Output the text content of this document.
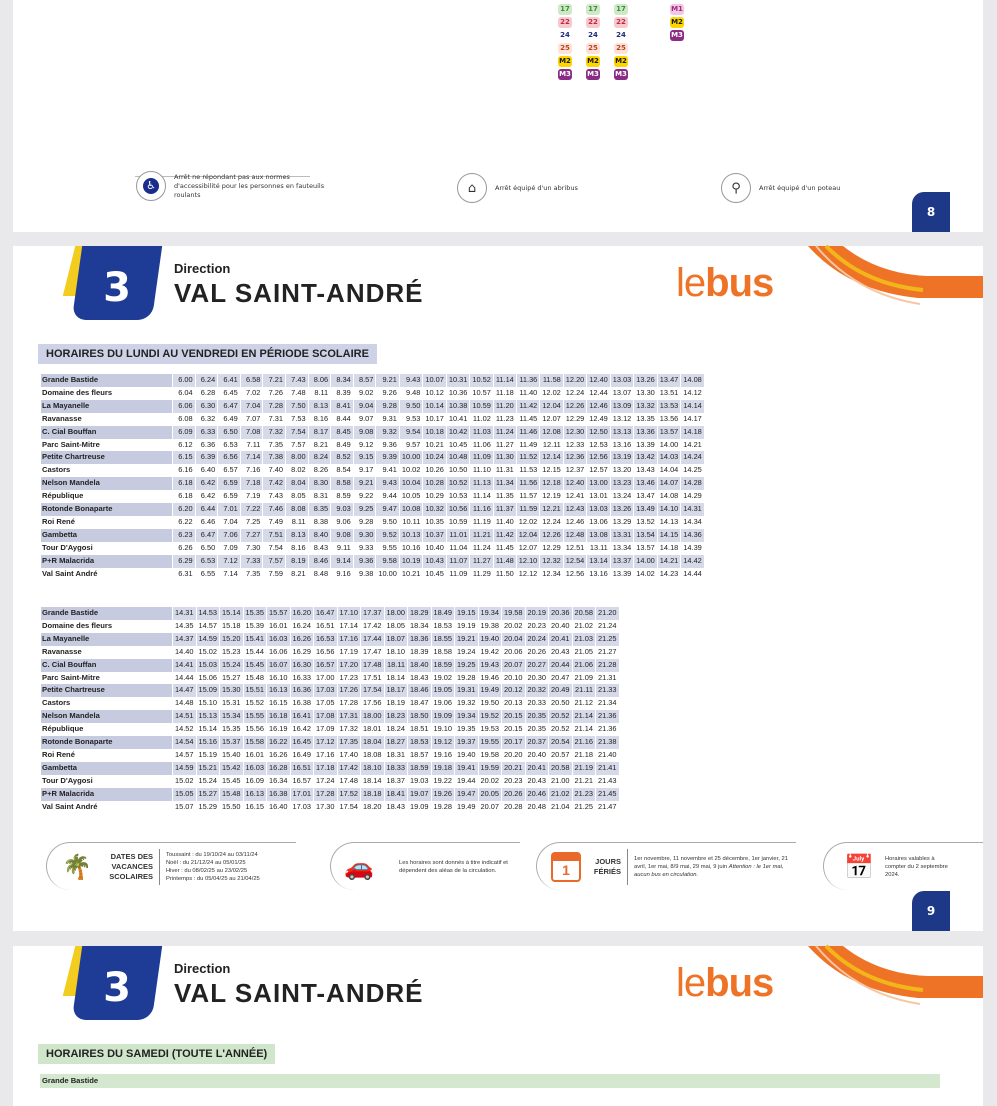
17
22
24
25
M2
M3
17
22
24
25
M2
M3
17
22
24
25
M2
M3
M1
M2
M3
♿
Arrêt ne répondant pas aux normes d'accessibilité pour les personnes en fauteuils roulants	⌂	Arrêt équipé d'un abribus	⚲	Arrêt équipé d'un poteau
8
3	Direction
VAL SAINT-ANDRÉ	lebus
HORAIRES DU LUNDI AU VENDREDI EN PÉRIODE SCOLAIRE
Grande Bastide	6.00	6.24	6.41	6.58	7.21	7.43	8.06	8.34	8.57	9.21	9.43	10.07	10.31	10.52	11.14	11.36	11.58	12.20	12.40	13.03	13.26	13.47	14.08
Domaine des fleurs	6.04	6.28	6.45	7.02	7.26	7.48	8.11	8.39	9.02	9.26	9.48	10.12	10.36	10.57	11.18	11.40	12.02	12.24	12.44	13.07	13.30	13.51	14.12
La Mayanelle	6.06	6.30	6.47	7.04	7.28	7.50	8.13	8.41	9.04	9.28	9.50	10.14	10.38	10.59	11.20	11.42	12.04	12.26	12.46	13.09	13.32	13.53	14.14
Ravanasse	6.08	6.32	6.49	7.07	7.31	7.53	8.16	8.44	9.07	9.31	9.53	10.17	10.41	11.02	11.23	11.45	12.07	12.29	12.49	13.12	13.35	13.56	14.17
C. Cial Bouffan	6.09	6.33	6.50	7.08	7.32	7.54	8.17	8.45	9.08	9.32	9.54	10.18	10.42	11.03	11.24	11.46	12.08	12.30	12.50	13.13	13.36	13.57	14.18
Parc Saint-Mitre	6.12	6.36	6.53	7.11	7.35	7.57	8.21	8.49	9.12	9.36	9.57	10.21	10.45	11.06	11.27	11.49	12.11	12.33	12.53	13.16	13.39	14.00	14.21
Petite Chartreuse	6.15	6.39	6.56	7.14	7.38	8.00	8.24	8.52	9.15	9.39	10.00	10.24	10.48	11.09	11.30	11.52	12.14	12.36	12.56	13.19	13.42	14.03	14.24
Castors	6.16	6.40	6.57	7.16	7.40	8.02	8.26	8.54	9.17	9.41	10.02	10.26	10.50	11.10	11.31	11.53	12.15	12.37	12.57	13.20	13.43	14.04	14.25
Nelson Mandela	6.18	6.42	6.59	7.18	7.42	8.04	8.30	8.58	9.21	9.43	10.04	10.28	10.52	11.13	11.34	11.56	12.18	12.40	13.00	13.23	13.46	14.07	14.28
République	6.18	6.42	6.59	7.19	7.43	8.05	8.31	8.59	9.22	9.44	10.05	10.29	10.53	11.14	11.35	11.57	12.19	12.41	13.01	13.24	13.47	14.08	14.29
Rotonde Bonaparte	6.20	6.44	7.01	7.22	7.46	8.08	8.35	9.03	9.25	9.47	10.08	10.32	10.56	11.16	11.37	11.59	12.21	12.43	13.03	13.26	13.49	14.10	14.31
Roi René	6.22	6.46	7.04	7.25	7.49	8.11	8.38	9.06	9.28	9.50	10.11	10.35	10.59	11.19	11.40	12.02	12.24	12.46	13.06	13.29	13.52	14.13	14.34
Gambetta	6.23	6.47	7.06	7.27	7.51	8.13	8.40	9.08	9.30	9.52	10.13	10.37	11.01	11.21	11.42	12.04	12.26	12.48	13.08	13.31	13.54	14.15	14.36
Tour D'Aygosi	6.26	6.50	7.09	7.30	7.54	8.16	8.43	9.11	9.33	9.55	10.16	10.40	11.04	11.24	11.45	12.07	12.29	12.51	13.11	13.34	13.57	14.18	14.39
P+R Malacrida	6.29	6.53	7.12	7.33	7.57	8.19	8.46	9.14	9.36	9.58	10.19	10.43	11.07	11.27	11.48	12.10	12.32	12.54	13.14	13.37	14.00	14.21	14.42
Val Saint André	6.31	6.55	7.14	7.35	7.59	8.21	8.48	9.16	9.38	10.00	10.21	10.45	11.09	11.29	11.50	12.12	12.34	12.56	13.16	13.39	14.02	14.23	14.44
Grande Bastide	14.31	14.53	15.14	15.35	15.57	16.20	16.47	17.10	17.37	18.00	18.29	18.49	19.15	19.34	19.58	20.19	20.36	20.58	21.20
Domaine des fleurs	14.35	14.57	15.18	15.39	16.01	16.24	16.51	17.14	17.42	18.05	18.34	18.53	19.19	19.38	20.02	20.23	20.40	21.02	21.24
La Mayanelle	14.37	14.59	15.20	15.41	16.03	16.26	16.53	17.16	17.44	18.07	18.36	18.55	19.21	19.40	20.04	20.24	20.41	21.03	21.25
Ravanasse	14.40	15.02	15.23	15.44	16.06	16.29	16.56	17.19	17.47	18.10	18.39	18.58	19.24	19.42	20.06	20.26	20.43	21.05	21.27
C. Cial Bouffan	14.41	15.03	15.24	15.45	16.07	16.30	16.57	17.20	17.48	18.11	18.40	18.59	19.25	19.43	20.07	20.27	20.44	21.06	21.28
Parc Saint-Mitre	14.44	15.06	15.27	15.48	16.10	16.33	17.00	17.23	17.51	18.14	18.43	19.02	19.28	19.46	20.10	20.30	20.47	21.09	21.31
Petite Chartreuse	14.47	15.09	15.30	15.51	16.13	16.36	17.03	17.26	17.54	18.17	18.46	19.05	19.31	19.49	20.12	20.32	20.49	21.11	21.33
Castors	14.48	15.10	15.31	15.52	16.15	16.38	17.05	17.28	17.56	18.19	18.47	19.06	19.32	19.50	20.13	20.33	20.50	21.12	21.34
Nelson Mandela	14.51	15.13	15.34	15.55	16.18	16.41	17.08	17.31	18.00	18.23	18.50	19.09	19.34	19.52	20.15	20.35	20.52	21.14	21.36
République	14.52	15.14	15.35	15.56	16.19	16.42	17.09	17.32	18.01	18.24	18.51	19.10	19.35	19.53	20.15	20.35	20.52	21.14	21.36
Rotonde Bonaparte	14.54	15.16	15.37	15.58	16.22	16.45	17.12	17.35	18.04	18.27	18.53	19.12	19.37	19.55	20.17	20.37	20.54	21.16	21.38
Roi René	14.57	15.19	15.40	16.01	16.26	16.49	17.16	17.40	18.08	18.31	18.57	19.16	19.40	19.58	20.20	20.40	20.57	21.18	21.40
Gambetta	14.59	15.21	15.42	16.03	16.28	16.51	17.18	17.42	18.10	18.33	18.59	19.18	19.41	19.59	20.21	20.41	20.58	21.19	21.41
Tour D'Aygosi	15.02	15.24	15.45	16.09	16.34	16.57	17.24	17.48	18.14	18.37	19.03	19.22	19.44	20.02	20.23	20.43	21.00	21.21	21.43
P+R Malacrida	15.05	15.27	15.48	16.13	16.38	17.01	17.28	17.52	18.18	18.41	19.07	19.26	19.47	20.05	20.26	20.46	21.02	21.23	21.45
Val Saint André	15.07	15.29	15.50	16.15	16.40	17.03	17.30	17.54	18.20	18.43	19.09	19.28	19.49	20.07	20.28	20.48	21.04	21.25	21.47
🌴	DATES DES VACANCES SCOLAIRES
Toussaint : du 19/10/24 au 03/11/24
Noël : du 21/12/24 au 05/01/25
Hiver : du 08/02/25 au 23/02/25
Printemps : du 05/04/25 au 21/04/25	🚗	Les horaires sont donnés à titre indicatif et dépendent des aléas de la circulation.	1
JOURS FÉRIÉS
1er novembre, 11 novembre et 25 décembre, 1er janvier, 21 avril, 1er mai, 8/9 mai, 29 mai, 9 juin Attention : le 1er mai, aucun bus en circulation.	📅	Horaires valables à compter du 2 septembre 2024.
9
3	Direction
VAL SAINT-ANDRÉ	lebus
HORAIRES DU SAMEDI (TOUTE L'ANNÉE)
Grande Bastide
